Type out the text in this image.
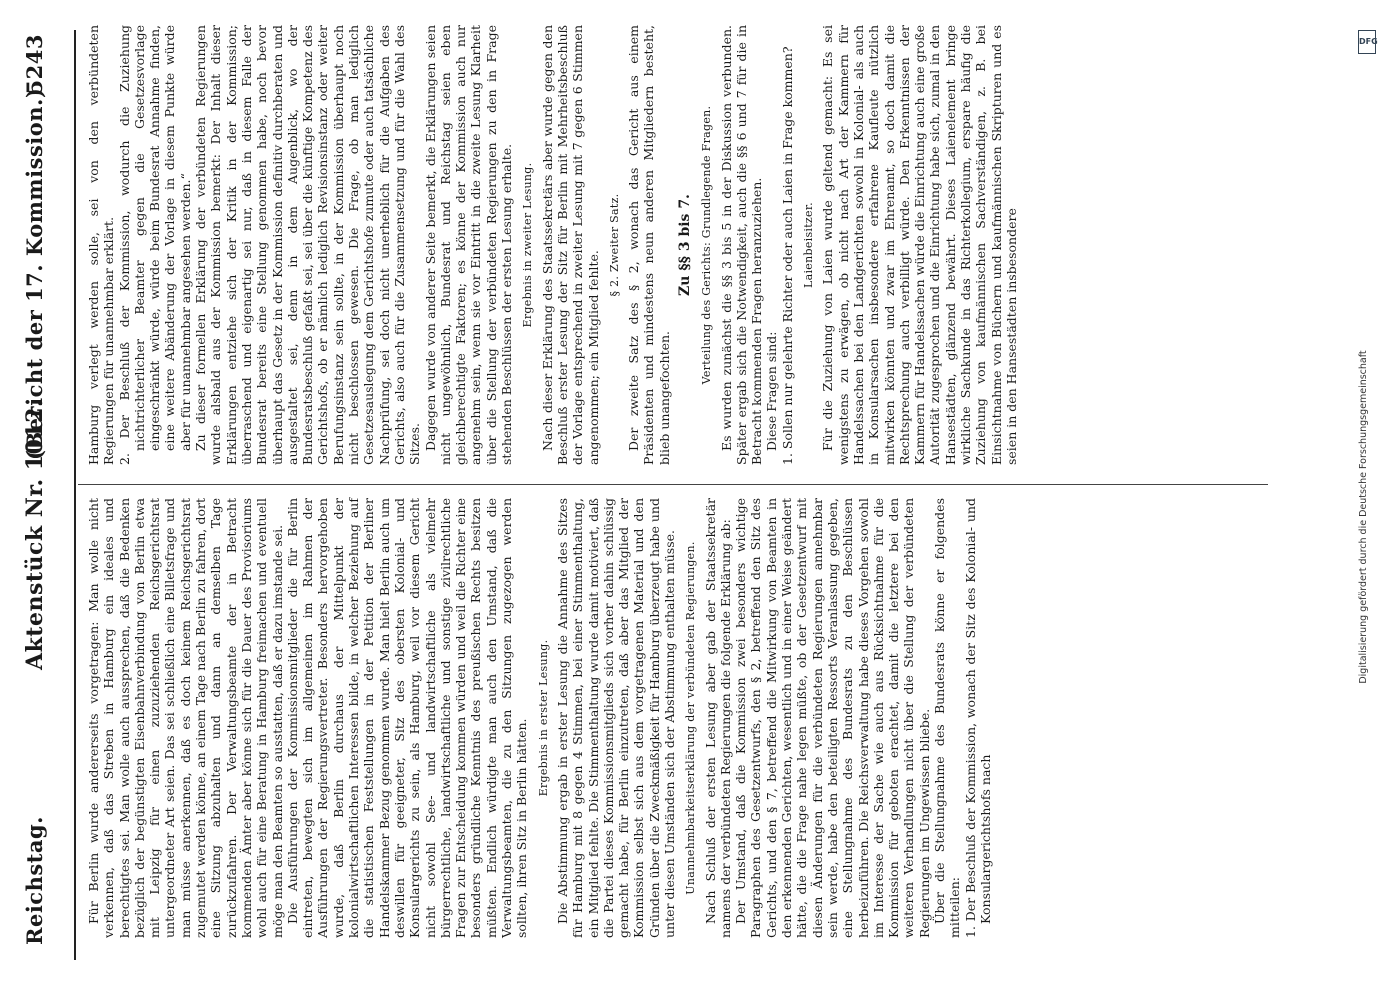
Reichstag.
Aktenstück Nr. 1012.
(Bericht der 17. Kommission.)
5243

Für Berlin wurde andererseits vorgetragen: Man wolle nicht verkennen, daß das Streben in Hamburg ein ideales und berechtigtes sei. Man wolle auch aussprechen, daß die Bedenken bezüglich der begünstigten Eisenbahnverbindung von Berlin etwa mit Leipzig für einen zuzuziehenden Reichsgerichtsrat untergeordneter Art seien. Das sei schließlich eine Billetsfrage und man müsse anerkennen, daß es doch keinem Reichsgerichtsrat zugemutet werden könne, an einem Tage nach Berlin zu fahren, dort eine Sitzung abzuhalten und dann an demselben Tage zurückzufahren. Der Verwaltungsbeamte der in Betracht kommenden Ämter aber könne sich für die Dauer des Provisoriums wohl auch für eine Beratung in Hamburg freimachen und eventuell möge man den Beamten so ausstatten, daß er dazu imstande sei. Die Ausführungen der Kommissionsmitglieder die für Berlin eintreten, bewegten sich im allgemeinen im Rahmen der Ausführungen der Regierungsvertreter. Besonders hervorgehoben wurde, daß Berlin durchaus der Mittelpunkt der kolonialwirtschaftlichen Interessen bilde, in welcher Beziehung auf die statistischen Feststellungen in der Petition der Berliner Handelskammer Bezug genommen wurde. Man hielt Berlin auch um deswillen für geeigneter, Sitz des obersten Kolonial- und Konsulargerichts zu sein, als Hamburg, weil vor diesem Gericht nicht sowohl See- und landwirtschaftliche als vielmehr bürgerrechtliche, landwirtschaftliche und sonstige zivilrechtliche Fragen zur Entscheidung kommen würden und weil die Richter eine besonders gründliche Kenntnis des preußischen Rechts besitzen müßten. Endlich würdigte man auch den Umstand, daß die Verwaltungsbeamten, die zu den Sitzungen zugezogen werden sollten, ihren Sitz in Berlin hätten.

Ergebnis in erster Lesung. Die Abstimmung ergab in erster Lesung die Annahme des Sitzes für Hamburg mit 8 gegen 4 Stimmen, bei einer Stimmenthaltung, ein Mitglied fehlte. Die Stimmenthaltung wurde damit motiviert, daß die Partei dieses Kommissionsmitglieds sich vorher dahin schlüssig gemacht habe, für Berlin einzutreten, daß aber das Mitglied der Kommission selbst sich aus dem vorgetragenen Material und den Gründen über die Zweckmäßigkeit für Hamburg überzeugt habe und unter diesen Umständen sich der Abstimmung enthalten müsse. Unannehmbarkeitserklärung der verbündeten Regierungen. Nach Schluß der ersten Lesung aber gab der Staatssekretär namens der verbündeten Regierungen die folgende Erklärung ab: Der Umstand, daß die Kommission zwei besonders wichtige Paragraphen des Gesetzentwurfs, den § 2, betreffend den Sitz des Gerichts, und den § 7, betreffend die Mitwirkung von Beamten in den erkennenden Gerichten, wesentlich und in einer Weise geändert hätte, die die Frage nahe legen müßte, ob der Gesetzentwurf mit diesen Änderungen für die verbündeten Regierungen annehmbar sein werde, habe den beteiligten Ressorts Veranlassung gegeben, eine Stellungnahme des Bundesrats zu den Beschlüssen herbeizuführen. Die Reichsverwaltung habe dieses Vorgehen sowohl im Interesse der Sache wie auch aus Rücksichtnahme für die Kommission für geboten erachtet, damit die letztere bei den weiteren Verhandlungen nicht über die Stellung der verbündeten Regierungen im Ungewissen bliebe. Über die Stellungnahme des Bundesrats könne er folgendes mitteilen: 1. Der Beschluß der Kommission, wonach der Sitz des Kolonial- und Konsulargerichtshofs nach

Hamburg verlegt werden solle, sei von den verbündeten Regierungen für unannehmbar erklärt. 2. Der Beschluß der Kommission, wodurch die Zuziehung nichtrichterlicher Beamter gegen die Gesetzesvorlage eingeschränkt würde, würde beim Bundesrat Annahme finden, eine weitere Abänderung der Vorlage in diesem Punkte würde aber für unannehmbar angesehen werden.“ Zu dieser formellen Erklärung der verbündeten Regierungen wurde alsbald aus der Kommission bemerkt: Der Inhalt dieser Erklärungen entziehe sich der Kritik in der Kommission; überraschend und eigenartig sei nur, daß in diesem Falle der Bundesrat bereits eine Stellung genommen habe, noch bevor überhaupt das Gesetz in der Kommission definitiv durchberaten und ausgestaltet sei, denn in dem Augenblick, wo der Bundesratsbeschluß gefaßt sei, sei über die künftige Kompetenz des Gerichtshofs, ob er nämlich lediglich Revisionsinstanz oder weiter Berufungsinstanz sein sollte, in der Kommission überhaupt noch nicht beschlossen gewesen. Die Frage, ob man lediglich Gesetzesauslegung dem Gerichtshofe zumute oder auch tatsächliche Nachprüfung, sei doch nicht unerheblich für die Aufgaben des Gerichts, also auch für die Zusammensetzung und für die Wahl des Sitzes. Dagegen wurde von anderer Seite bemerkt, die Erklärungen seien nicht ungewöhnlich, Bundesrat und Reichstag seien eben gleichberechtigte Faktoren; es könne der Kommission auch nur angenehm sein, wenn sie vor Eintritt in die zweite Lesung Klarheit über die Stellung der verbündeten Regierungen zu den in Frage stehenden Beschlüssen der ersten Lesung erhalte. Ergebnis in zweiter Lesung. Nach dieser Erklärung des Staatssekretärs aber wurde gegen den Beschluß erster Lesung der Sitz für Berlin mit Mehrheitsbeschluß der Vorlage entsprechend in zweiter Lesung mit 7 gegen 6 Stimmen angenommen; ein Mitglied fehlte.

§ 2. Zweiter Satz. Der zweite Satz des § 2, wonach das Gericht aus einem Präsidenten und mindestens neun anderen Mitgliedern besteht, blieb unangefochten.

Zu §§ 3 bis 7. Verteilung des Gerichts: Grundlegende Fragen. Es wurden zunächst die §§ 3 bis 5 in der Diskussion verbunden. Später ergab sich die Notwendigkeit, auch die §§ 6 und 7 für die in Betracht kommenden Fragen heranzuziehen. Diese Fragen sind: 1. Sollen nur gelehrte Richter oder auch Laien in Frage kommen? Laienbeisitzer. Für die Zuziehung von Laien wurde geltend gemacht: Es sei wenigstens zu erwägen, ob nicht nach Art der Kammern für Handelssachen bei den Landgerichten sowohl in Kolonial- als auch in Konsularsachen insbesondere erfahrene Kaufleute nützlich mitwirken könnten und zwar im Ehrenamt, so doch damit die Rechtsprechung auch verbilligt würde. Den Erkenntnissen der Kammern für Handelssachen würde die Einrichtung auch eine große Autorität zugesprochen und die Einrichtung habe sich, zumal in den Hansestädten, glänzend bewährt. Dieses Laienelement bringe wirkliche Sachkunde in das Richterkollegium, erspare häufig die Zuziehung von kaufmännischen Sachverständigen, z. B. bei Einsichtnahme von Büchern und kaufmännischen Skripturen und es seien in den Hansestädten insbesondere

DFG
Digitalisierung gefördert durch die Deutsche Forschungsgemeinschaft
